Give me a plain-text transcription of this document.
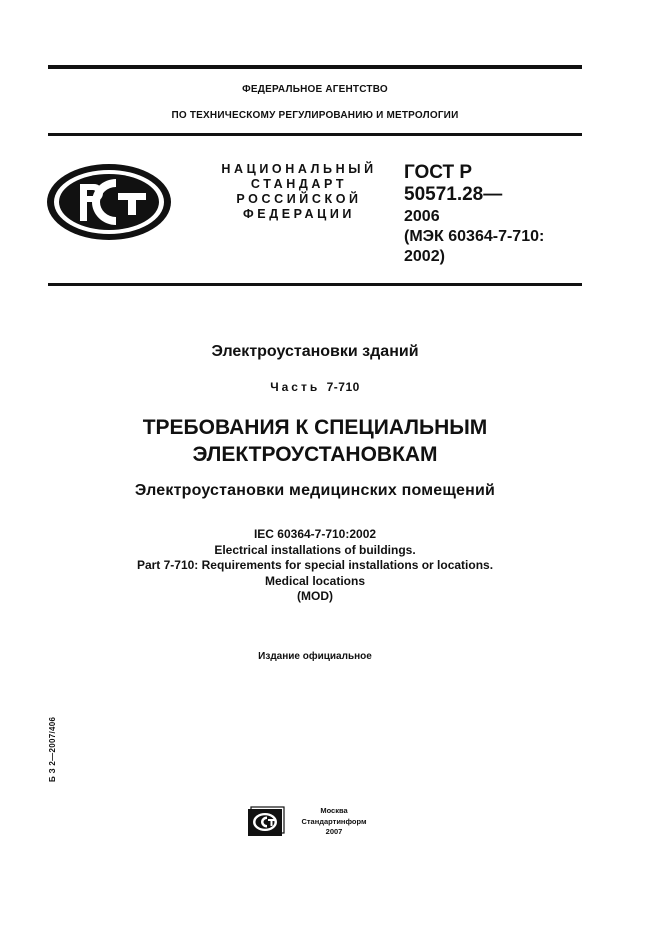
ФЕДЕРАЛЬНОЕ АГЕНТСТВО
ПО ТЕХНИЧЕСКОМУ РЕГУЛИРОВАНИЮ И МЕТРОЛОГИИ
НАЦИОНАЛЬНЫЙ
СТАНДАРТ
РОССИЙСКОЙ
ФЕДЕРАЦИИ
ГОСТ Р
50571.28—
2006
(МЭК 60364-7-710:
2002)
Электроустановки зданий
Часть 7-710
ТРЕБОВАНИЯ К СПЕЦИАЛЬНЫМ
ЭЛЕКТРОУСТАНОВКАМ
Электроустановки медицинских помещений
IEC 60364-7-710:2002
Electrical installations of buildings.
Part 7-710: Requirements for special installations or locations.
Medical locations
(MOD)
Издание официальное
Б З 2—2007/406
Москва
Стандартинформ
2007
